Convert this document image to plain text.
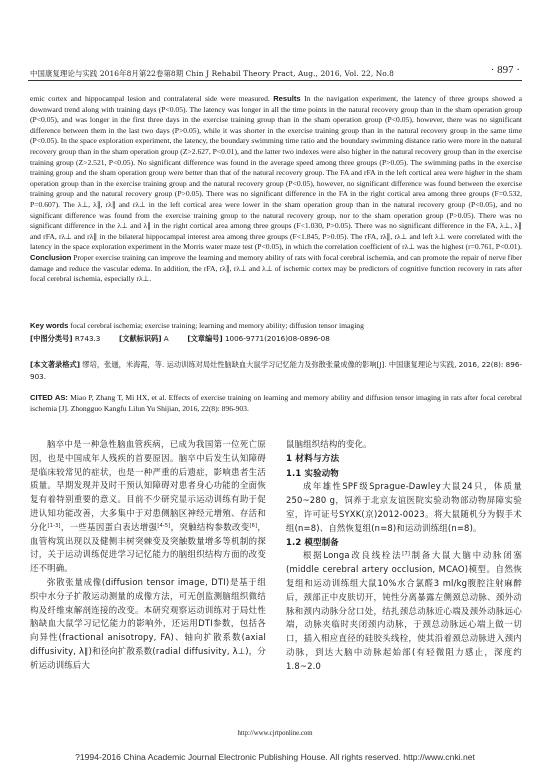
中国康复理论与实践 2016年8月第22卷第8期 Chin J Rehabil Theory Pract, Aug., 2016, Vol. 22, No.8	· 897 ·

emic cortex and hippocampal lesion and contralateral side were measured. Results In the navigation experiment, the latency of three groups showed a downward trend along with training days (P<0.05). The latency was longer in all the time points in the natural recovery group than in the sham operation group (P<0.05), and was longer in the first three days in the exercise training group than in the sham operation group (P<0.05), however, there was no significant difference between them in the last two days (P>0.05), while it was shorter in the exercise training group than in the natural recovery group in the same time (P<0.05). In the space exploration experiment, the latency, the boundary swimming time ratio and the boundary swimming distance ratio were more in the natural recovery group than in the sham operation group (Z>2.627, P<0.01), and the latter two indexes were also higher in the natural recovery group than in the exercise training group (Z>2.521, P<0.05). No significant difference was found in the average speed among three groups (P>0.05). The swimming paths in the exercise training group and the sham operation group were better than that of the natural recovery group. The FA and rFA in the left cortical area were higher in the sham operation group than in the exercise training group and the natural recovery group (P<0.05), however, no significant difference was found between the exercise training group and the natural recovery group (P>0.05). There was no significant difference in the FA in the right cortical area among three groups (F=0.532, P=0.607). The λ⊥, λ∥, rλ∥ and rλ⊥ in the left cortical area were lower in the sham operation group than in the natural recovery group (P<0.05), and no significant difference was found from the exercise training group to the natural recovery group, nor to the sham operation group (P>0.05). There was no significant difference in the λ⊥ and λ∥ in the right cortical area among three groups (F<1.030, P>0.05). There was no significant difference in the FA, λ⊥, λ∥ and rFA, rλ⊥ and rλ∥ in the bilateral hippocampal interest area among three groups (F<1.845, P>0.05). The rFA, rλ∥, rλ⊥ and left λ⊥ were correlated with the latency in the space exploration experiment in the Morris water maze test (P<0.05), in which the correlation coefficient of rλ⊥ was the highest (r=0.761, P<0.01). Conclusion Proper exercise training can improve the learning and memory ability of rats with focal cerebral ischemia, and can promote the repair of nerve fiber damage and reduce the vascular edema. In addition, the rFA, rλ∥, rλ⊥ and λ⊥ of ischemic cortex may be predictors of cognitive function recovery in rats after focal cerebral ischemia, especially rλ⊥.

Key words focal cerebral ischemia; exercise training; learning and memory ability; diffusion tensor imaging
[中图分类号] R743.3	[文献标识码] A	[文章编号] 1006-9771(2016)08-0896-08
[本文著录格式] 缪培，张逦，米海霞，等. 运动训练对局灶性脑缺血大鼠学习记忆能力及弥散张量成像的影响[J]. 中国康复理论与实践, 2016, 22(8): 896-903.
CITED AS: Miao P, Zhang T, Mi HX, et al. Effects of exercise training on learning and memory ability and diffusion tensor imaging in rats after focal cerebral ischemia [J]. Zhongguo Kangfu Lilun Yu Shijian, 2016, 22(8): 896-903.

脑卒中是一种急性脑血管疾病，已成为我国第一位死亡原因，也是中国成年人残疾的首要原因。脑卒中后发生认知障碍是临床较常见的症状，也是一种严重的后遗症，影响患者生活质量。早期发现并及时干预认知障碍对患者身心功能的全面恢复有着特别重要的意义。目前不少研究显示运动训练有助于促进认知功能改善，大多集中于对患侧脑区神经元增殖、存活和分化[1-3]，一些基因蛋白表达增强[4-5]，突触结构参数改变[6]，血管构筑出现以及健侧丰树突棘变及突触数量增多等机制的探讨，关于运动训练促进学习记忆能力的脑组织结构方面的改变还不明确。

弥散张量成像(diffusion tensor image, DTI)是基于组织中水分子扩散运动测量的成像方法，可无创监测脑组织微结构及纤维束解剖连接的改变。本研究观察运动训练对于局灶性脑缺血大鼠学习记忆能力的影响外，还运用DTI参数，包括各向异性(fractional anisotropy, FA)、轴向扩散系数(axial diffusivity, λ∥)和径向扩散系数(radial diffusivity, λ⊥)，分析运动训练后大

鼠脑组织结构的变化。

1 材料与方法

1.1 实验动物

成年雄性SPF级Sprague-Dawley大鼠24只，体质量250~280 g，饲养于北京友谊医院实验动物部动物屏障实验室，许可证号SYXK(京)2012-0023。将大鼠随机分为假手术组(n=8)、自然恢复组(n=8)和运动训练组(n=8)。

1.2 模型制备

根据Longa改良线栓法[7]制备大鼠大脑中动脉闭塞(middle cerebral artery occlusion, MCAO)模型。自然恢复组和运动训练组大鼠10%水合氯醛3 ml/kg腹腔注射麻醉后，颈部正中皮肤切开，钝性分离暴露左侧颈总动脉、颈外动脉和颈内动脉分岔口处，结扎颈总动脉近心端及颈外动脉远心端，动脉夹临时夹闭颈内动脉，于颈总动脉远心端上做一切口，插入相应直径的硅胶头线栓，使其沿着颈总动脉进入颈内动脉，到达大脑中动脉起始部(有轻微阻力感止，深度约1.8~2.0

http://www.cjrtponline.com
?1994-2016 China Academic Journal Electronic Publishing House. All rights reserved. http://www.cnki.net
